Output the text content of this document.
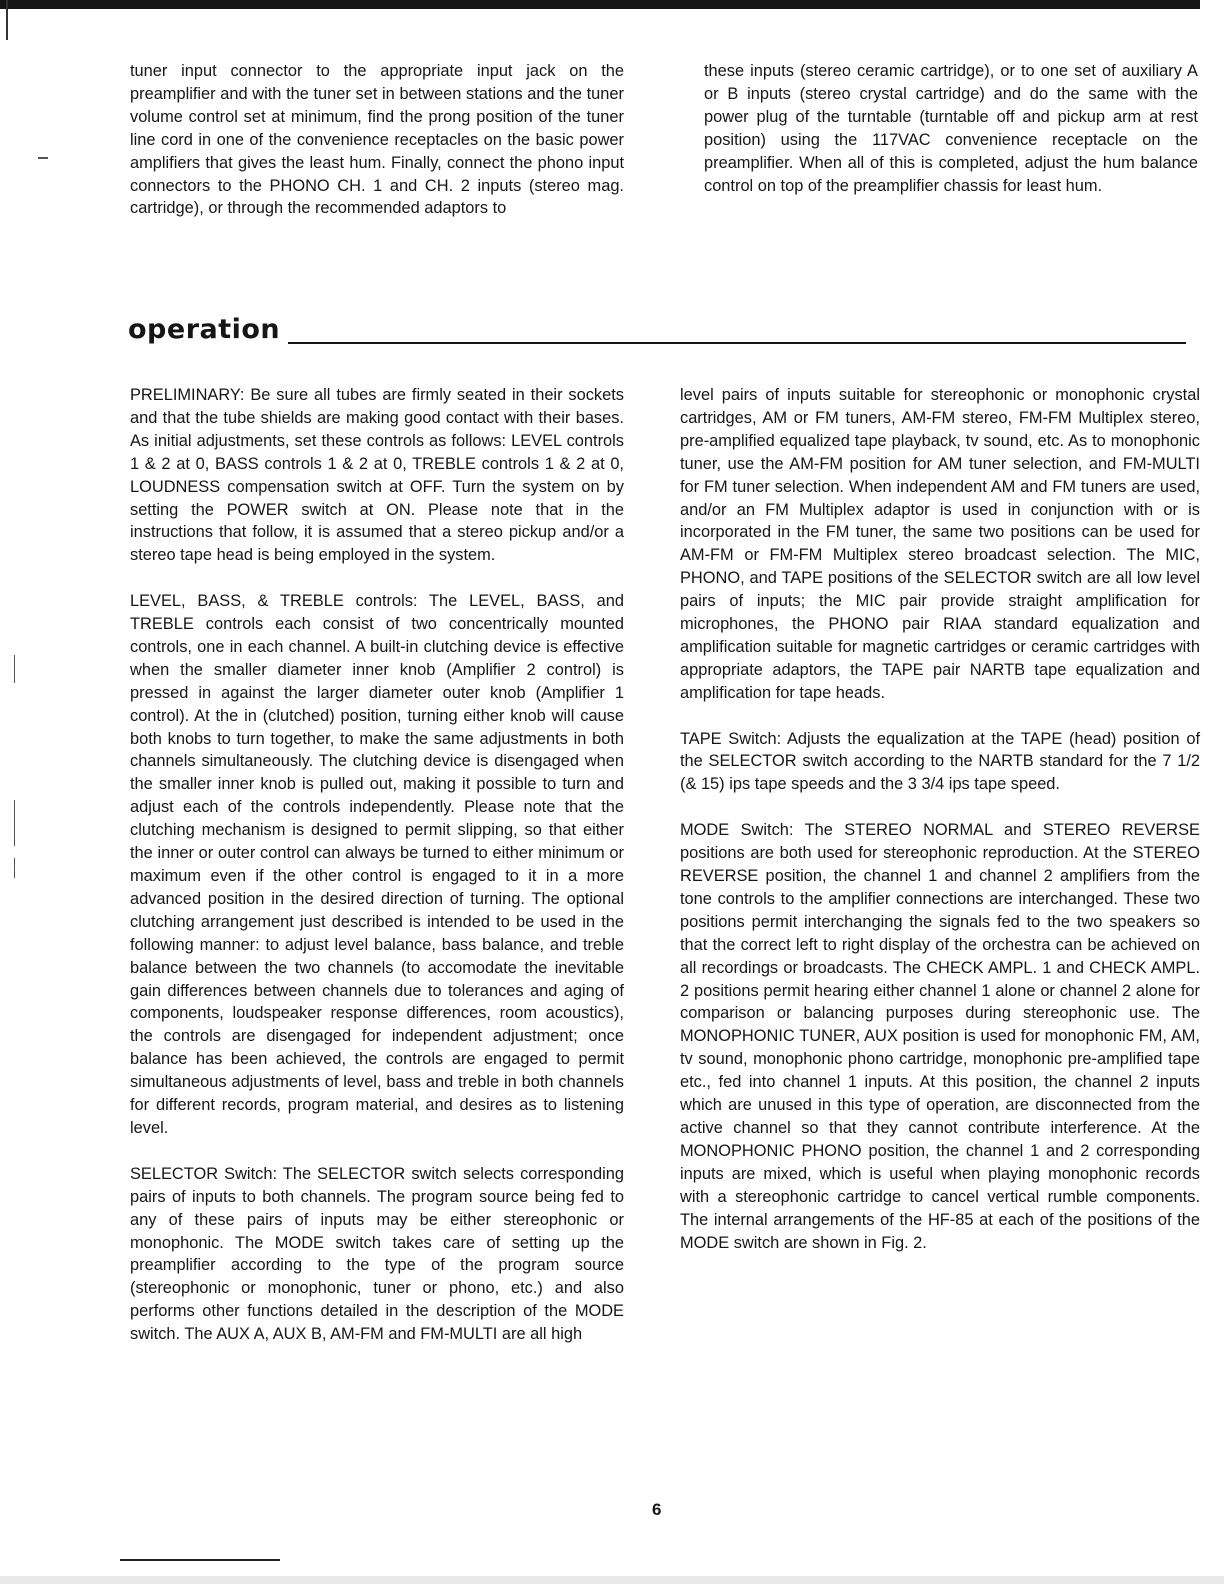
tuner input connector to the appropriate input jack on the preamplifier and with the tuner set in between stations and the tuner volume control set at minimum, find the prong position of the tuner line cord in one of the convenience receptacles on the basic power amplifiers that gives the least hum. Finally, connect the phono input connectors to the PHONO CH. 1 and CH. 2 inputs (stereo mag. cartridge), or through the recommended adaptors to

these inputs (stereo ceramic cartridge), or to one set of auxiliary A or B inputs (stereo crystal cartridge) and do the same with the power plug of the turntable (turntable off and pickup arm at rest position) using the 117VAC convenience receptacle on the preamplifier. When all of this is completed, adjust the hum balance control on top of the preamplifier chassis for least hum.

operation

PRELIMINARY: Be sure all tubes are firmly seated in their sockets and that the tube shields are making good contact with their bases. As initial adjustments, set these controls as follows: LEVEL controls 1 & 2 at 0, BASS controls 1 & 2 at 0, TREBLE controls 1 & 2 at 0, LOUDNESS compensation switch at OFF. Turn the system on by setting the POWER switch at ON. Please note that in the instructions that follow, it is assumed that a stereo pickup and/or a stereo tape head is being employed in the system.

LEVEL, BASS, & TREBLE controls: The LEVEL, BASS, and TREBLE controls each consist of two concentrically mounted controls, one in each channel. A built-in clutching device is effective when the smaller diameter inner knob (Amplifier 2 control) is pressed in against the larger diameter outer knob (Amplifier 1 control). At the in (clutched) position, turning either knob will cause both knobs to turn together, to make the same adjustments in both channels simultaneously. The clutching device is disengaged when the smaller inner knob is pulled out, making it possible to turn and adjust each of the controls independently. Please note that the clutching mechanism is designed to permit slipping, so that either the inner or outer control can always be turned to either minimum or maximum even if the other control is engaged to it in a more advanced position in the desired direction of turning. The optional clutching arrangement just described is intended to be used in the following manner: to adjust level balance, bass balance, and treble balance between the two channels (to accomodate the inevitable gain differences between channels due to tolerances and aging of components, loudspeaker response differences, room acoustics), the controls are disengaged for independent adjustment; once balance has been achieved, the controls are engaged to permit simultaneous adjustments of level, bass and treble in both channels for different records, program material, and desires as to listening level.

SELECTOR Switch: The SELECTOR switch selects corresponding pairs of inputs to both channels. The program source being fed to any of these pairs of inputs may be either stereophonic or monophonic. The MODE switch takes care of setting up the preamplifier according to the type of the program source (stereophonic or monophonic, tuner or phono, etc.) and also performs other functions detailed in the description of the MODE switch. The AUX A, AUX B, AM-FM and FM-MULTI are all high

level pairs of inputs suitable for stereophonic or monophonic crystal cartridges, AM or FM tuners, AM-FM stereo, FM-FM Multiplex stereo, pre-amplified equalized tape playback, tv sound, etc. As to monophonic tuner, use the AM-FM position for AM tuner selection, and FM-MULTI for FM tuner selection. When independent AM and FM tuners are used, and/or an FM Multiplex adaptor is used in conjunction with or is incorporated in the FM tuner, the same two positions can be used for AM-FM or FM-FM Multiplex stereo broadcast selection. The MIC, PHONO, and TAPE positions of the SELECTOR switch are all low level pairs of inputs; the MIC pair provide straight amplification for microphones, the PHONO pair RIAA standard equalization and amplification suitable for magnetic cartridges or ceramic cartridges with appropriate adaptors, the TAPE pair NARTB tape equalization and amplification for tape heads.

TAPE Switch: Adjusts the equalization at the TAPE (head) position of the SELECTOR switch according to the NARTB standard for the 7 1/2 (& 15) ips tape speeds and the 3 3/4 ips tape speed.

MODE Switch: The STEREO NORMAL and STEREO REVERSE positions are both used for stereophonic reproduction. At the STEREO REVERSE position, the channel 1 and channel 2 amplifiers from the tone controls to the amplifier connections are interchanged. These two positions permit interchanging the signals fed to the two speakers so that the correct left to right display of the orchestra can be achieved on all recordings or broadcasts. The CHECK AMPL. 1 and CHECK AMPL. 2 positions permit hearing either channel 1 alone or channel 2 alone for comparison or balancing purposes during stereophonic use. The MONOPHONIC TUNER, AUX position is used for monophonic FM, AM, tv sound, monophonic phono cartridge, monophonic pre-amplified tape etc., fed into channel 1 inputs. At this position, the channel 2 inputs which are unused in this type of operation, are disconnected from the active channel so that they cannot contribute interference. At the MONOPHONIC PHONO position, the channel 1 and 2 corresponding inputs are mixed, which is useful when playing monophonic records with a stereophonic cartridge to cancel vertical rumble components. The internal arrangements of the HF-85 at each of the positions of the MODE switch are shown in Fig. 2.

6
